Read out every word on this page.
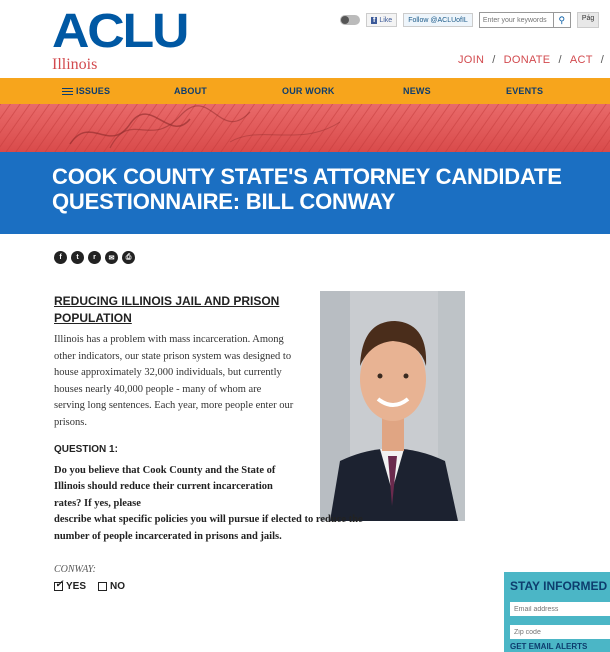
ACLU
Illinois
f Like Follow @ACLUofIL
Enter your keywords	⚲	Pág
JOIN / DONATE / ACT /
ISSUES	ABOUT	OUR WORK	NEWS	EVENTS
COOK COUNTY STATE'S ATTORNEY CANDIDATE QUESTIONNAIRE: BILL CONWAY
f	t	r	✉	⎙
REDUCING ILLINOIS JAIL AND PRISON POPULATION

Illinois has a problem with mass incarceration. Among other indicators, our state prison system was designed to house approximately 32,000 individuals, but currently houses nearly 40,000 people - many of whom are serving long sentences. Each year, more people enter our prisons.

QUESTION 1:
Do you believe that Cook County and the State of Illinois should reduce their current incarceration rates? If yes, please
describe what specific policies you will pursue if elected to reduce the number of people incarcerated in prisons and jails.
CONWAY:
✓
YES NO	STAY INFORMED
Email address
Zip code
GET EMAIL ALERTS
